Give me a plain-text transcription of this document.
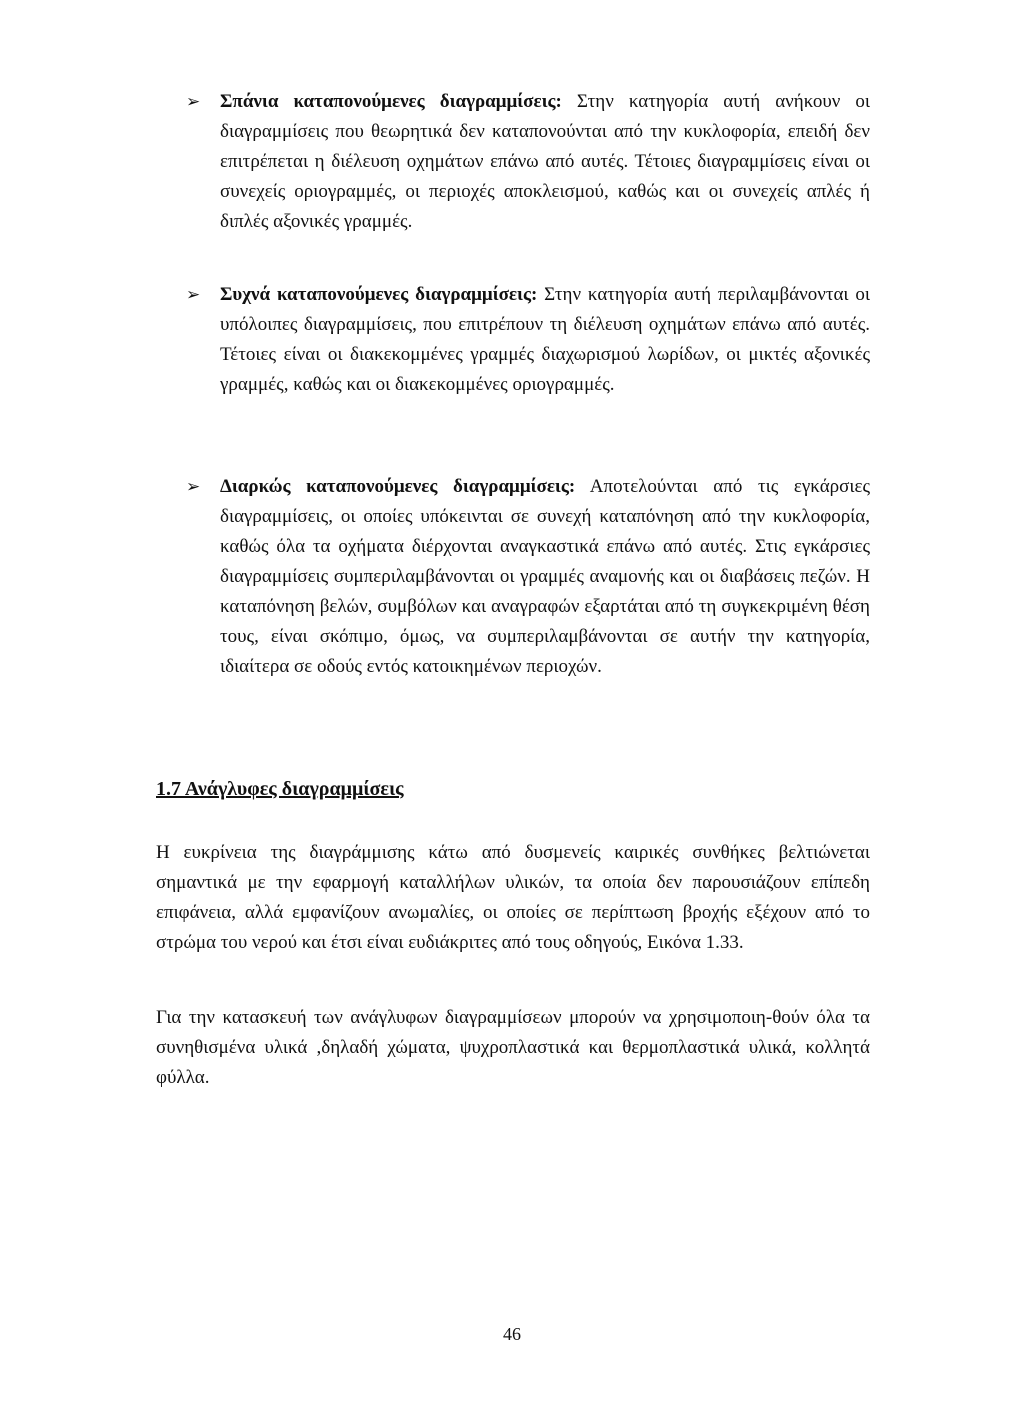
➢	Σπάνια καταπονούμενες διαγραμμίσεις: Στην κατηγορία αυτή ανήκουν οι διαγραμμίσεις που θεωρητικά δεν καταπονούνται από την κυκλοφορία, επειδή δεν επιτρέπεται η διέλευση οχημάτων επάνω από αυτές. Τέτοιες διαγραμμίσεις είναι οι συνεχείς οριογραμμές, οι περιοχές αποκλεισμού, καθώς και οι συνεχείς απλές ή διπλές αξονικές γραμμές.
➢	Συχνά καταπονούμενες διαγραμμίσεις: Στην κατηγορία αυτή περιλαμβάνονται οι υπόλοιπες διαγραμμίσεις, που επιτρέπουν τη διέλευση οχημάτων επάνω από αυτές. Τέτοιες είναι οι διακεκομμένες γραμμές διαχωρισμού λωρίδων, οι μικτές αξονικές γραμμές, καθώς και οι διακεκομμένες οριογραμμές.
➢	Διαρκώς καταπονούμενες διαγραμμίσεις: Αποτελούνται από τις εγκάρσιες διαγραμμίσεις, οι οποίες υπόκεινται σε συνεχή καταπόνηση από την κυκλοφορία, καθώς όλα τα οχήματα διέρχονται αναγκαστικά επάνω από αυτές. Στις εγκάρσιες διαγραμμίσεις συμπεριλαμβάνονται οι γραμμές αναμονής και οι διαβάσεις πεζών. Η καταπόνηση βελών, συμβόλων και αναγραφών εξαρτάται από τη συγκεκριμένη θέση τους, είναι σκόπιμο, όμως, να συμπεριλαμβάνονται σε αυτήν την κατηγορία, ιδιαίτερα σε οδούς εντός κατοικημένων περιοχών.
1.7 Ανάγλυφες διαγραμμίσεις
Η ευκρίνεια της διαγράμμισης κάτω από δυσμενείς καιρικές συνθήκες βελτιώνεται σημαντικά με την εφαρμογή καταλλήλων υλικών, τα οποία δεν παρουσιάζουν επίπεδη επιφάνεια, αλλά εμφανίζουν ανωμαλίες, οι οποίες σε περίπτωση βροχής εξέχουν από το στρώμα του νερού και έτσι είναι ευδιάκριτες από τους οδηγούς, Εικόνα 1.33.
Για την κατασκευή των ανάγλυφων διαγραμμίσεων μπορούν να χρησιμοποιη-θούν όλα τα συνηθισμένα υλικά ,δηλαδή χώματα, ψυχροπλαστικά και θερμοπλαστικά υλικά, κολλητά φύλλα.
46
